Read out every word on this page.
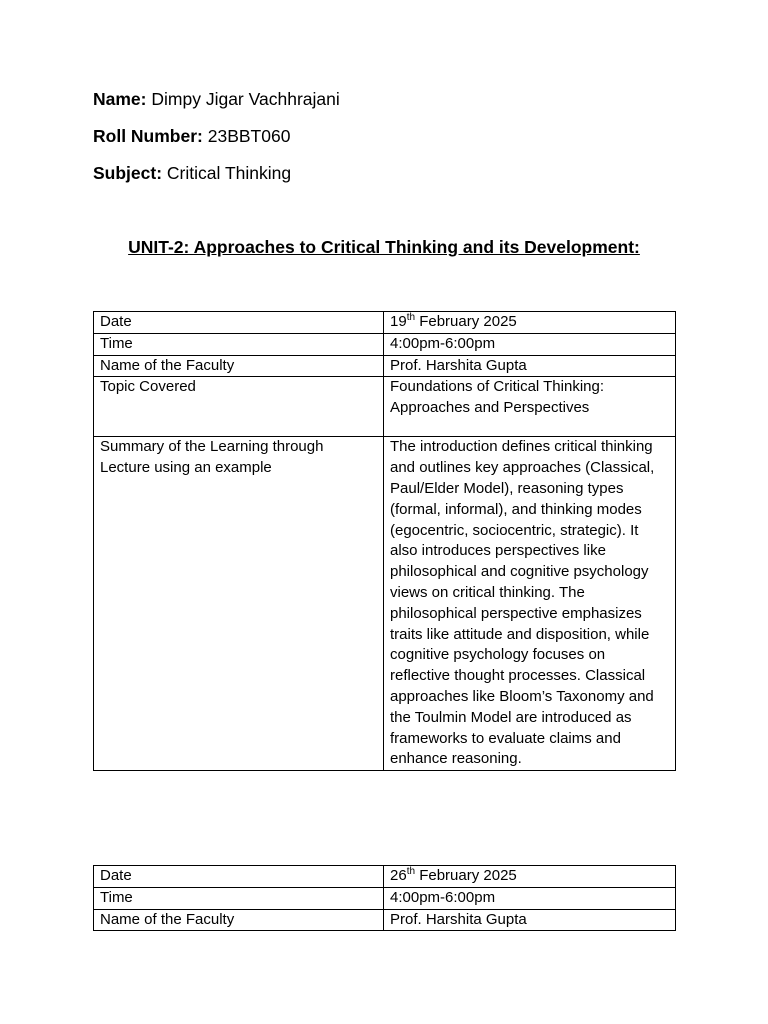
Name: Dimpy Jigar Vachhrajani
Roll Number: 23BBT060
Subject: Critical Thinking
UNIT-2: Approaches to Critical Thinking and its Development:
Date	19th February 2025
Time	4:00pm-6:00pm
Name of the Faculty	Prof. Harshita Gupta
Topic Covered	Foundations of Critical Thinking: Approaches and Perspectives
Summary of the Learning through Lecture using an example	The introduction defines critical thinking and outlines key approaches (Classical, Paul/Elder Model), reasoning types (formal, informal), and thinking modes (egocentric, sociocentric, strategic). It also introduces perspectives like philosophical and cognitive psychology views on critical thinking. The philosophical perspective emphasizes traits like attitude and disposition, while cognitive psychology focuses on reflective thought processes. Classical approaches like Bloom’s Taxonomy and the Toulmin Model are introduced as frameworks to evaluate claims and enhance reasoning.
Date	26th February 2025
Time	4:00pm-6:00pm
Name of the Faculty	Prof. Harshita Gupta
